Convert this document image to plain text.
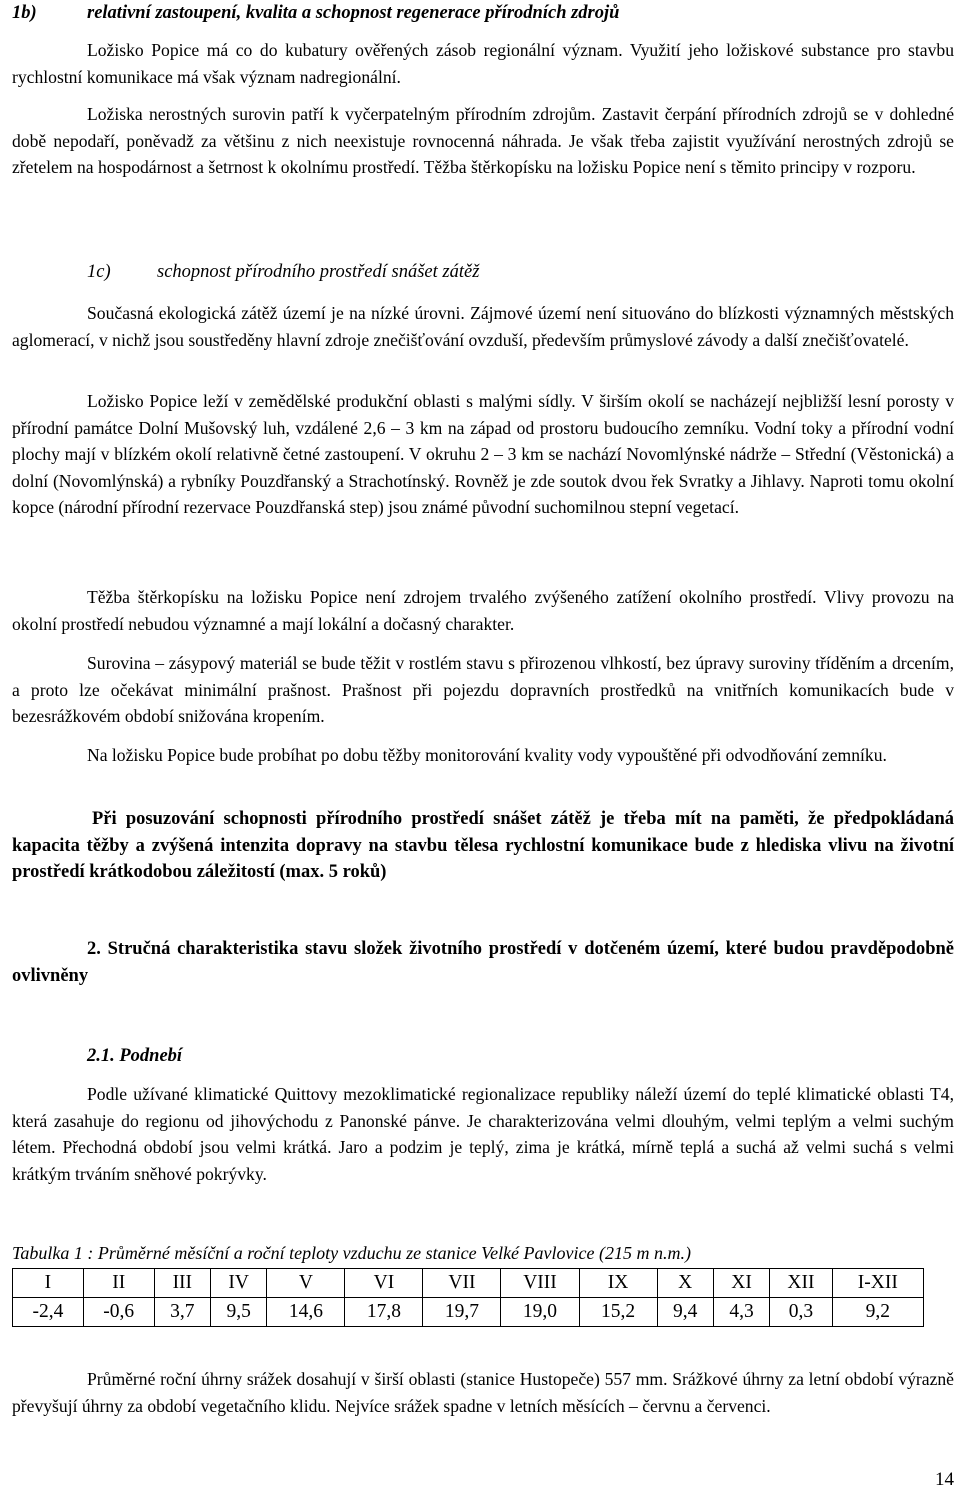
1b)	relativní zastoupení, kvalita a schopnost regenerace přírodních zdrojů

Ložisko Popice má co do kubatury ověřených zásob regionální význam. Využití jeho ložiskové substance pro stavbu rychlostní komunikace má však význam nadregionální.

Ložiska nerostných surovin patří k vyčerpatelným přírodním zdrojům. Zastavit čerpání přírodních zdrojů se v dohledné době nepodaří, poněvadž za většinu z nich neexistuje rovnocenná náhrada. Je však třeba zajistit využívání nerostných zdrojů se zřetelem na hospodárnost a šetrnost k okolnímu prostředí. Těžba štěrkopísku na ložisku Popice není s těmito principy v rozporu.

1c)	schopnost přírodního prostředí snášet zátěž

Současná ekologická zátěž území je na nízké úrovni. Zájmové území není situováno do blízkosti významných městských aglomerací, v nichž jsou soustředěny hlavní zdroje znečišťování ovzduší, především průmyslové závody a další znečišťovatelé.

Ložisko Popice leží v zemědělské produkční oblasti s malými sídly. V širším okolí se nacházejí nejbližší lesní porosty v přírodní památce Dolní Mušovský luh, vzdálené 2,6 – 3 km na západ od prostoru budoucího zemníku. Vodní toky a přírodní vodní plochy mají v blízkém okolí relativně četné zastoupení. V okruhu 2 – 3 km se nachází Novomlýnské nádrže – Střední (Věstonická) a dolní (Novomlýnská) a rybníky Pouzdřanský a Strachotínský. Rovněž je zde soutok dvou řek Svratky a Jihlavy. Naproti tomu okolní kopce (národní přírodní rezervace Pouzdřanská step) jsou známé původní suchomilnou stepní vegetací.

Těžba štěrkopísku na ložisku Popice není zdrojem trvalého zvýšeného zatížení okolního prostředí. Vlivy provozu na okolní prostředí nebudou významné a mají lokální a dočasný charakter.

Surovina – zásypový materiál se bude těžit v rostlém stavu s přirozenou vlhkostí, bez úpravy suroviny tříděním a drcením, a proto lze očekávat minimální prašnost. Prašnost při pojezdu dopravních prostředků na vnitřních komunikacích bude v bezesrážkovém období snižována kropením.

Na ložisku Popice bude probíhat po dobu těžby monitorování kvality vody vypouštěné při odvodňování zemníku.

Při posuzování schopnosti přírodního prostředí snášet zátěž je třeba mít na paměti, že předpokládaná kapacita těžby a zvýšená intenzita dopravy na stavbu tělesa rychlostní komunikace bude z hlediska vlivu na životní prostředí krátkodobou záležitostí (max. 5 roků)

2. Stručná charakteristika stavu složek životního prostředí v dotčeném území, které budou pravděpodobně ovlivněny

2.1. Podnebí

Podle užívané klimatické Quittovy mezoklimatické regionalizace republiky náleží území do teplé klimatické oblasti T4, která zasahuje do regionu od jihovýchodu z Panonské pánve. Je charakterizována velmi dlouhým, velmi teplým a velmi suchým létem. Přechodná období jsou velmi krátká. Jaro a podzim je teplý, zima je krátká, mírně teplá a suchá až velmi suchá s velmi krátkým trváním sněhové pokrývky.

Tabulka 1 : Průměrné měsíční a roční teploty vzduchu ze stanice Velké Pavlovice (215 m n.m.)
I	II	III	IV	V	VI	VII	VIII	IX	X	XI	XII	I-XII
-2,4	-0,6	3,7	9,5	14,6	17,8	19,7	19,0	15,2	9,4	4,3	0,3	9,2

Průměrné roční úhrny srážek dosahují v širší oblasti (stanice Hustopeče) 557 mm. Srážkové úhrny za letní období výrazně převyšují úhrny za období vegetačního klidu. Nejvíce srážek spadne v letních měsících – červnu a červenci.

14
